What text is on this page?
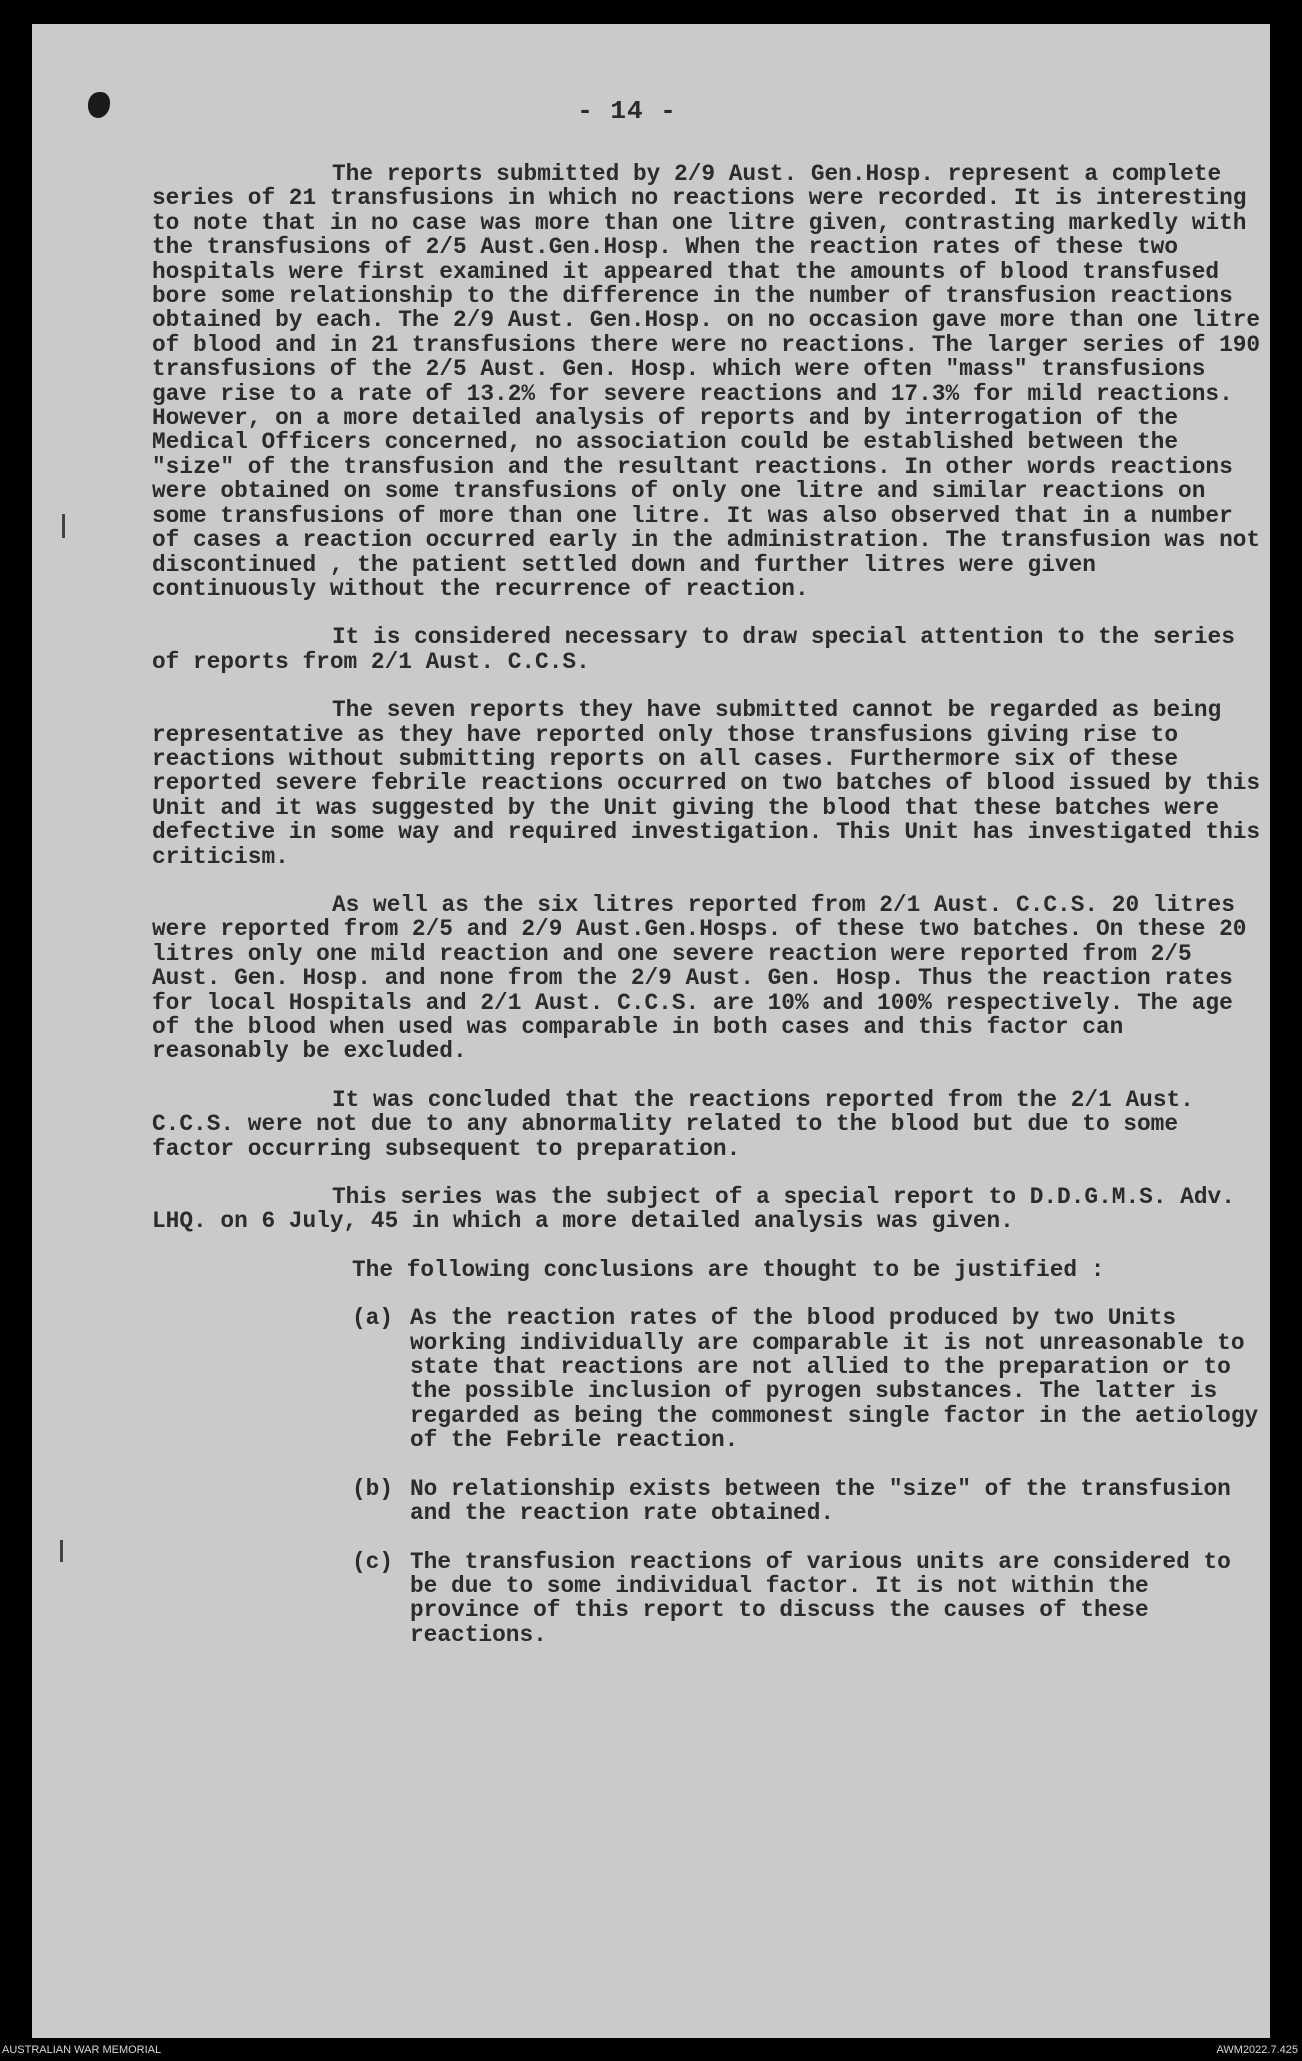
- 14 -

The reports submitted by 2/9 Aust. Gen.Hosp. represent a complete series of 21 transfusions in which no reactions were recorded. It is interesting to note that in no case was more than one litre given, contrasting markedly with the transfusions of 2/5 Aust.Gen.Hosp. When the reaction rates of these two hospitals were first examined it appeared that the amounts of blood transfused bore some relationship to the difference in the number of transfusion reactions obtained by each. The 2/9 Aust. Gen.Hosp. on no occasion gave more than one litre of blood and in 21 transfusions there were no reactions. The larger series of 190 transfusions of the 2/5 Aust. Gen. Hosp. which were often "mass" transfusions gave rise to a rate of 13.2% for severe reactions and 17.3% for mild reactions. However, on a more detailed analysis of reports and by interrogation of the Medical Officers concerned, no association could be established between the "size" of the transfusion and the resultant reactions. In other words reactions were obtained on some transfusions of only one litre and similar reactions on some transfusions of more than one litre. It was also observed that in a number of cases a reaction occurred early in the administration. The transfusion was not discontinued , the patient settled down and further litres were given continuously without the recurrence of reaction.

It is considered necessary to draw special attention to the series of reports from 2/1 Aust. C.C.S.

The seven reports they have submitted cannot be regarded as being representative as they have reported only those transfusions giving rise to reactions without submitting reports on all cases. Furthermore six of these reported severe febrile reactions occurred on two batches of blood issued by this Unit and it was suggested by the Unit giving the blood that these batches were defective in some way and required investigation. This Unit has investigated this criticism.

As well as the six litres reported from 2/1 Aust. C.C.S. 20 litres were reported from 2/5 and 2/9 Aust.Gen.Hosps. of these two batches. On these 20 litres only one mild reaction and one severe reaction were reported from 2/5 Aust. Gen. Hosp. and none from the 2/9 Aust. Gen. Hosp. Thus the reaction rates for local Hospitals and 2/1 Aust. C.C.S. are 10% and 100% respectively. The age of the blood when used was comparable in both cases and this factor can reasonably be excluded.

It was concluded that the reactions reported from the 2/1 Aust. C.C.S. were not due to any abnormality related to the blood but due to some factor occurring subsequent to preparation.

This series was the subject of a special report to D.D.G.M.S. Adv. LHQ. on 6 July, 45 in which a more detailed analysis was given.

The following conclusions are thought to be justified :

(a) As the reaction rates of the blood produced by two Units working individually are comparable it is not unreasonable to state that reactions are not allied to the preparation or to the possible inclusion of pyrogen substances. The latter is regarded as being the commonest single factor in the aetiology of the Febrile reaction.
(b) No relationship exists between the "size" of the transfusion and the reaction rate obtained.
(c) The transfusion reactions of various units are considered to be due to some individual factor. It is not within the province of this report to discuss the causes of these reactions.
AUSTRALIAN WAR MEMORIAL	AWM2022.7.425
